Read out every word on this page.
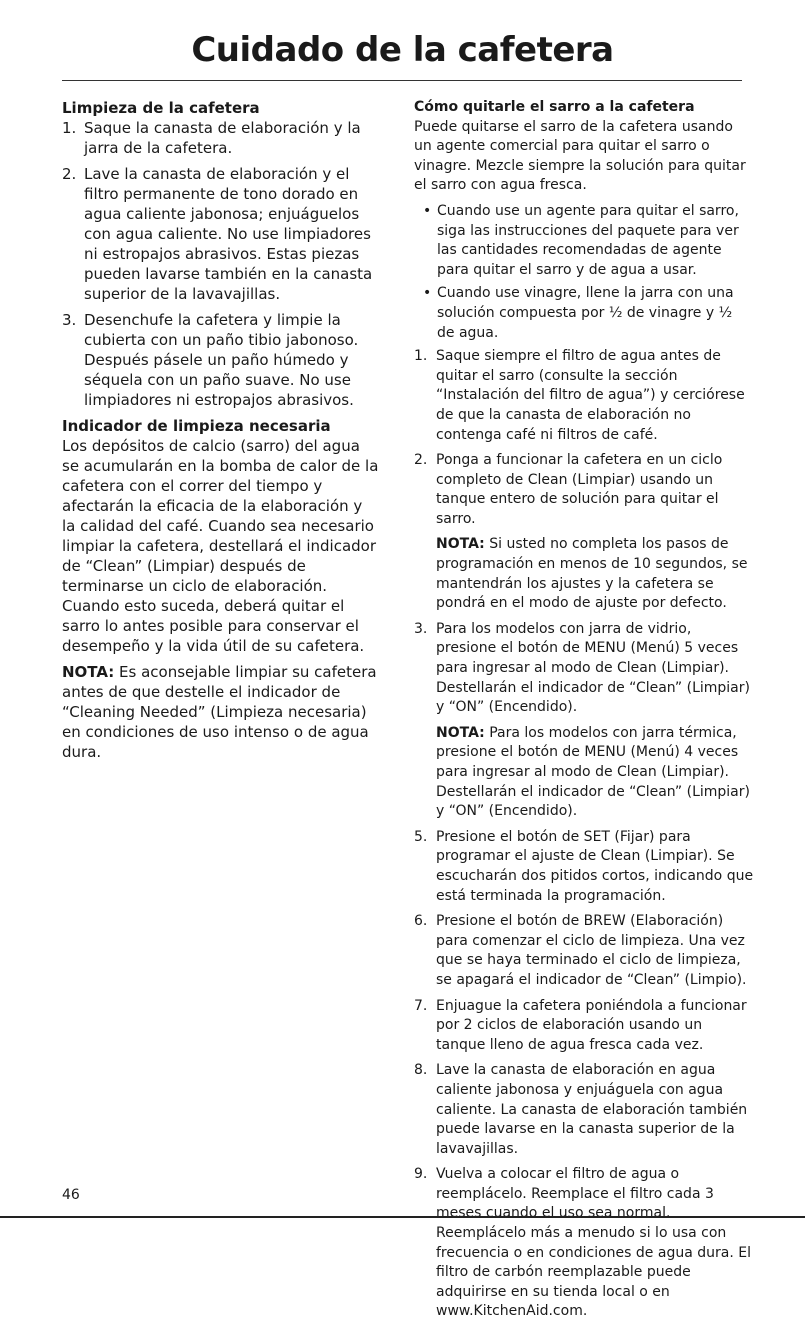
Cuidado de la cafetera

Limpieza de la cafetera

1. Saque la canasta de elaboración y la jarra de la cafetera.
2. Lave la canasta de elaboración y el filtro permanente de tono dorado en agua caliente jabonosa; enjuáguelos con agua caliente. No use limpiadores ni estropajos abrasivos. Estas piezas pueden lavarse también en la canasta superior de la lavavajillas.
3. Desenchufe la cafetera y limpie la cubierta con un paño tibio jabonoso. Después pásele un paño húmedo y séquela con un paño suave. No use limpiadores ni estropajos abrasivos.

Indicador de limpieza necesaria

Los depósitos de calcio (sarro) del agua se acumularán en la bomba de calor de la cafetera con el correr del tiempo y afectarán la eficacia de la elaboración y la calidad del café. Cuando sea necesario limpiar la cafetera, destellará el indicador de “Clean” (Limpiar) después de terminarse un ciclo de elaboración. Cuando esto suceda, deberá quitar el sarro lo antes posible para conservar el desempeño y la vida útil de su cafetera.

NOTA: Es aconsejable limpiar su cafetera antes de que destelle el indicador de “Cleaning Needed” (Limpieza necesaria) en condiciones de uso intenso o de agua dura.

Cómo quitarle el sarro a la cafetera

Puede quitarse el sarro de la cafetera usando un agente comercial para quitar el sarro o vinagre. Mezcle siempre la solución para quitar el sarro con agua fresca.

• Cuando use un agente para quitar el sarro, siga las instrucciones del paquete para ver las cantidades recomendadas de agente para quitar el sarro y de agua a usar.
• Cuando use vinagre, llene la jarra con una solución compuesta por ½ de vinagre y ½ de agua.
1. Saque siempre el filtro de agua antes de quitar el sarro (consulte la sección “Instalación del filtro de agua”) y cerciórese de que la canasta de elaboración no contenga café ni filtros de café.
2. Ponga a funcionar la cafetera en un ciclo completo de Clean (Limpiar) usando un tanque entero de solución para quitar el sarro.

NOTA: Si usted no completa los pasos de programación en menos de 10 segundos, se mantendrán los ajustes y la cafetera se pondrá en el modo de ajuste por defecto.

3. Para los modelos con jarra de vidrio, presione el botón de MENU (Menú) 5 veces para ingresar al modo de Clean (Limpiar). Destellarán el indicador de “Clean” (Limpiar) y “ON” (Encendido).

NOTA: Para los modelos con jarra térmica, presione el botón de MENU (Menú) 4 veces para ingresar al modo de Clean (Limpiar). Destellarán el indicador de “Clean” (Limpiar) y “ON” (Encendido).

5. Presione el botón de SET (Fijar) para programar el ajuste de Clean (Limpiar). Se escucharán dos pitidos cortos, indicando que está terminada la programación.
6. Presione el botón de BREW (Elaboración) para comenzar el ciclo de limpieza. Una vez que se haya terminado el ciclo de limpieza, se apagará el indicador de “Clean” (Limpio).
7. Enjuague la cafetera poniéndola a funcionar por 2 ciclos de elaboración usando un tanque lleno de agua fresca cada vez.
8. Lave la canasta de elaboración en agua caliente jabonosa y enjuáguela con agua caliente. La canasta de elaboración también puede lavarse en la canasta superior de la lavavajillas.
9. Vuelva a colocar el filtro de agua o reemplácelo. Reemplace el filtro cada 3 meses cuando el uso sea normal. Reemplácelo más a menudo si lo usa con frecuencia o en condiciones de agua dura. El filtro de carbón reemplazable puede adquirirse en su tienda local o en www.KitchenAid.com.
46
